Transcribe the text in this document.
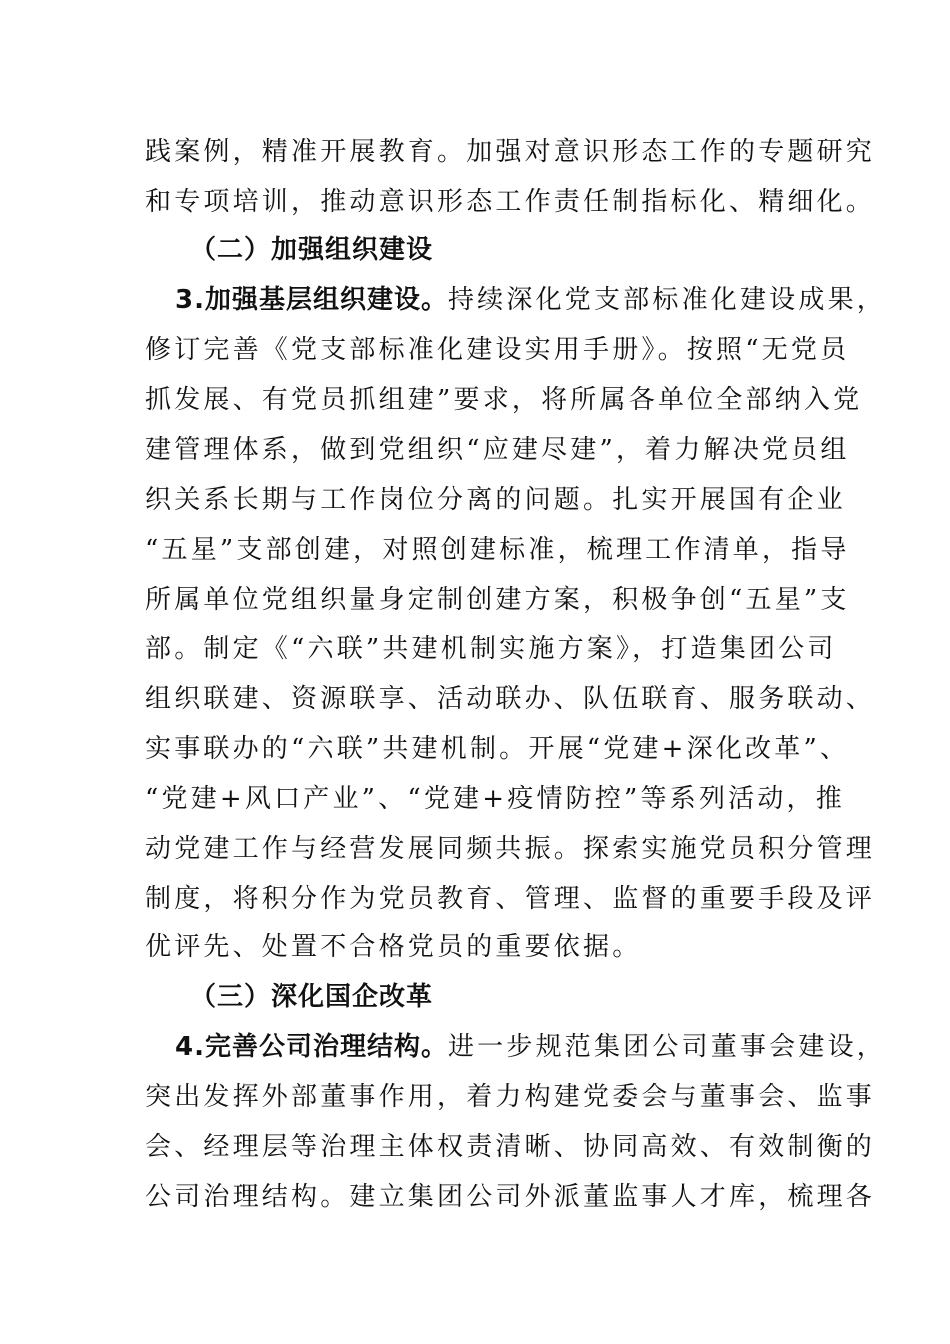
践案例，精准开展教育。加强对意识形态工作的专题研究
和专项培训，推动意识形态工作责任制指标化、精细化。
（二）加强组织建设
3.加强基层组织建设。持续深化党支部标准化建设成果，
修订完善《党支部标准化建设实用手册》。按照“无党员
抓发展、有党员抓组建”要求，将所属各单位全部纳入党
建管理体系，做到党组织“应建尽建”，着力解决党员组
织关系长期与工作岗位分离的问题。扎实开展国有企业
“五星”支部创建，对照创建标准，梳理工作清单，指导
所属单位党组织量身定制创建方案，积极争创“五星”支
部。制定《“六联”共建机制实施方案》，打造集团公司
组织联建、资源联享、活动联办、队伍联育、服务联动、
实事联办的“六联”共建机制。开展“党建+深化改革”、
“党建+风口产业”、“党建+疫情防控”等系列活动，推
动党建工作与经营发展同频共振。探索实施党员积分管理
制度，将积分作为党员教育、管理、监督的重要手段及评
优评先、处置不合格党员的重要依据。
（三）深化国企改革
4.完善公司治理结构。进一步规范集团公司董事会建设，
突出发挥外部董事作用，着力构建党委会与董事会、监事
会、经理层等治理主体权责清晰、协同高效、有效制衡的
公司治理结构。建立集团公司外派董监事人才库，梳理各
